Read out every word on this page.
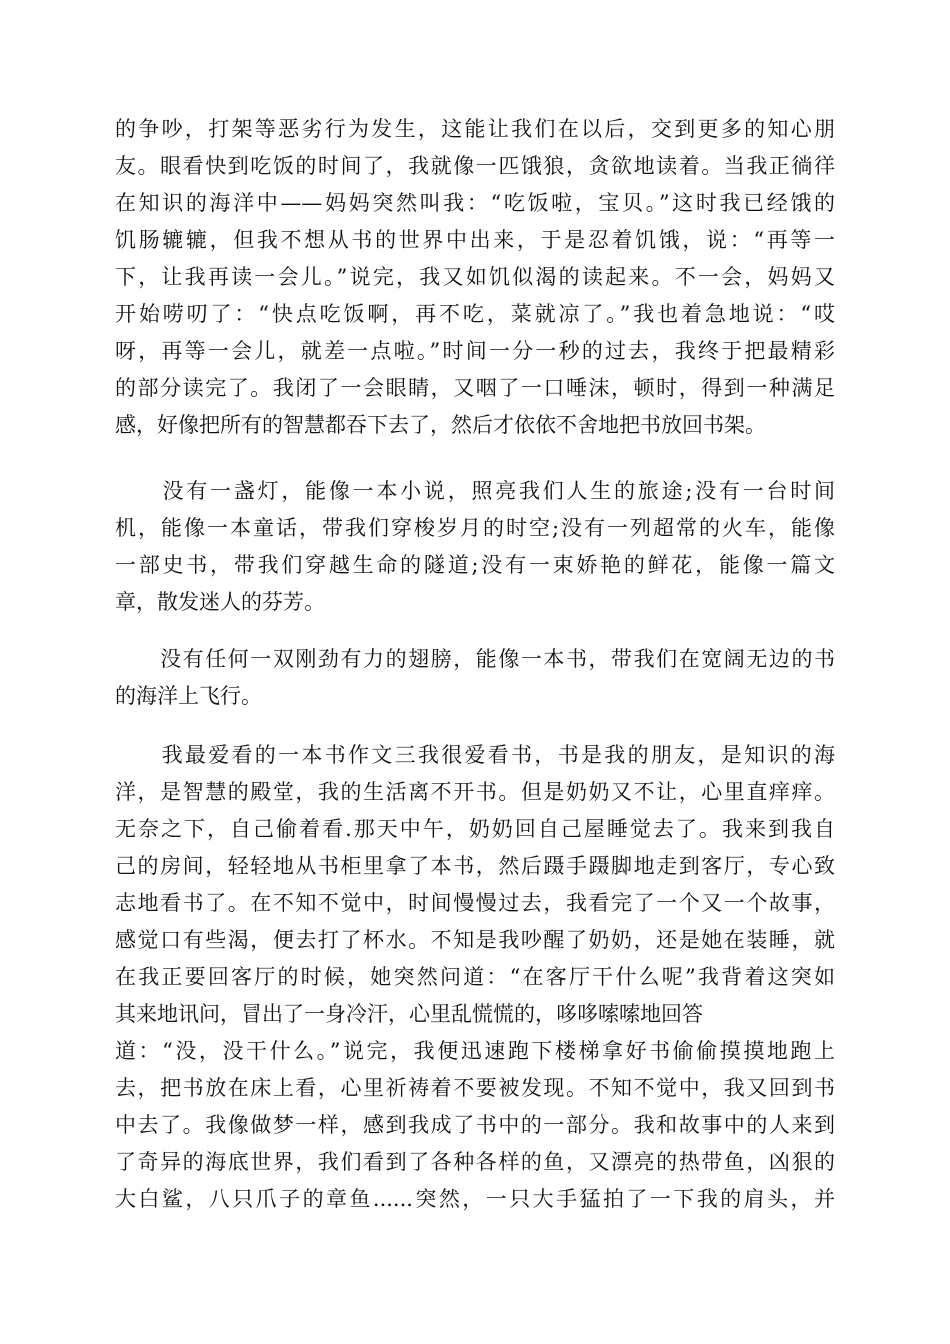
的争吵，打架等恶劣行为发生，这能让我们在以后，交到更多的知心朋
友。眼看快到吃饭的时间了，我就像一匹饿狼，贪欲地读着。当我正徜徉
在知识的海洋中——妈妈突然叫我：“吃饭啦，宝贝。”这时我已经饿的
饥肠辘辘，但我不想从书的世界中出来，于是忍着饥饿，说：“再等一
下，让我再读一会儿。”说完，我又如饥似渴的读起来。不一会，妈妈又
开始唠叨了：“快点吃饭啊，再不吃，菜就凉了。”我也着急地说：“哎
呀，再等一会儿，就差一点啦。”时间一分一秒的过去，我终于把最精彩
的部分读完了。我闭了一会眼睛，又咽了一口唾沫，顿时，得到一种满足
感，好像把所有的智慧都吞下去了，然后才依依不舍地把书放回书架。
　　没有一盏灯，能像一本小说，照亮我们人生的旅途;没有一台时间
机，能像一本童话，带我们穿梭岁月的时空;没有一列超常的火车，能像
一部史书，带我们穿越生命的隧道;没有一束娇艳的鲜花，能像一篇文
章，散发迷人的芬芳。
　　没有任何一双刚劲有力的翅膀，能像一本书，带我们在宽阔无边的书
的海洋上飞行。
　　我最爱看的一本书作文三我很爱看书，书是我的朋友，是知识的海
洋，是智慧的殿堂，我的生活离不开书。但是奶奶又不让，心里直痒痒。
无奈之下，自己偷着看.那天中午，奶奶回自己屋睡觉去了。我来到我自
己的房间，轻轻地从书柜里拿了本书，然后蹑手蹑脚地走到客厅，专心致
志地看书了。在不知不觉中，时间慢慢过去，我看完了一个又一个故事，
感觉口有些渴，便去打了杯水。不知是我吵醒了奶奶，还是她在装睡，就
在我正要回客厅的时候，她突然问道：“在客厅干什么呢”我背着这突如
其来地讯问，冒出了一身冷汗，心里乱慌慌的，哆哆嗦嗦地回答
道：“没，没干什么。”说完，我便迅速跑下楼梯拿好书偷偷摸摸地跑上
去，把书放在床上看，心里祈祷着不要被发现。不知不觉中，我又回到书
中去了。我像做梦一样，感到我成了书中的一部分。我和故事中的人来到
了奇异的海底世界，我们看到了各种各样的鱼，又漂亮的热带鱼，凶狠的
大白鲨，八只爪子的章鱼......突然，一只大手猛拍了一下我的肩头，并
